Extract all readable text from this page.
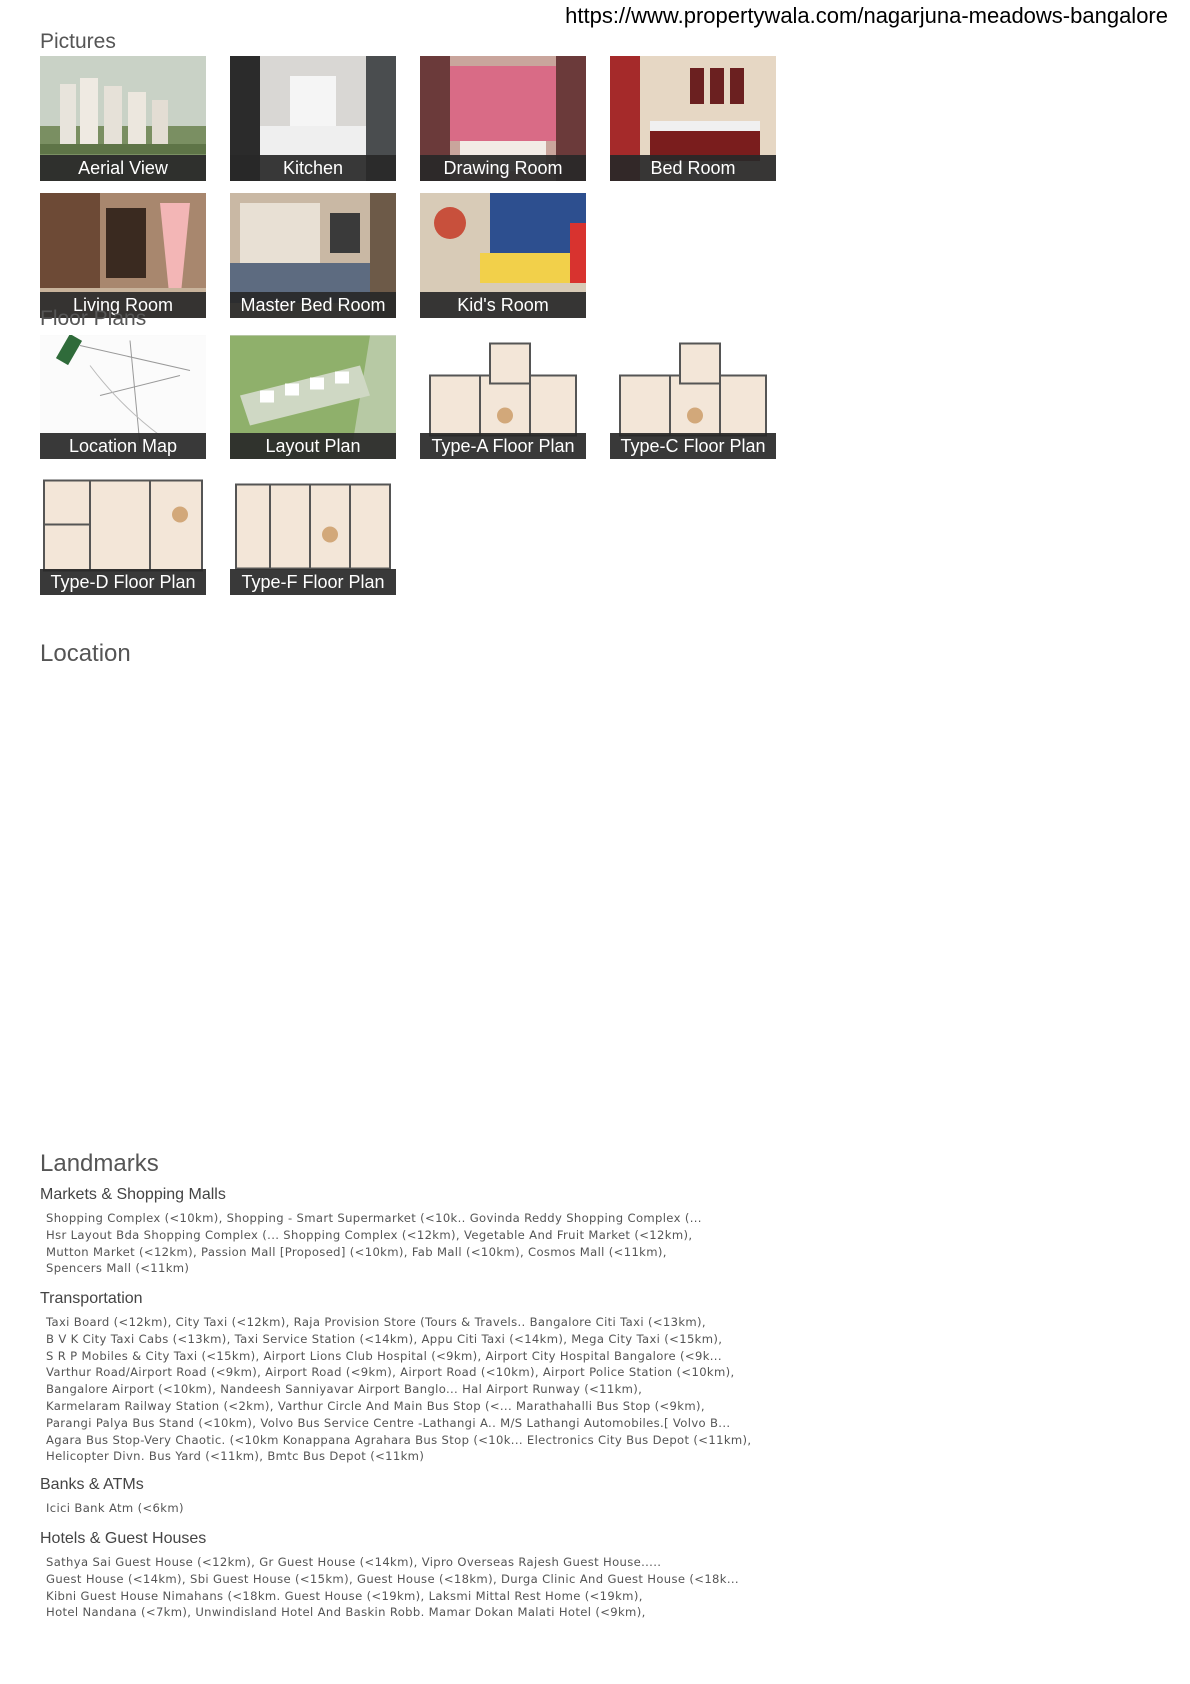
https://www.propertywala.com/nagarjuna-meadows-bangalore
Pictures
Aerial View	Kitchen	Drawing Room	Bed Room
Living Room	Master Bed Room	Kid's Room
Floor Plans
Location Map	Layout Plan	Type-A Floor Plan	Type-C Floor Plan
Type-D Floor Plan	Type-F Floor Plan
Location
Landmarks
Markets & Shopping Malls
Shopping Complex (<10km), Shopping - Smart Supermarket (<10k.. Govinda Reddy Shopping Complex (...
Hsr Layout Bda Shopping Complex (... Shopping Complex (<12km), Vegetable And Fruit Market (<12km),
Mutton Market (<12km), Passion Mall [Proposed] (<10km), Fab Mall (<10km), Cosmos Mall (<11km),
Spencers Mall (<11km)
Transportation
Taxi Board (<12km), City Taxi (<12km), Raja Provision Store (Tours & Travels.. Bangalore Citi Taxi (<13km),
B V K City Taxi Cabs (<13km), Taxi Service Station (<14km), Appu Citi Taxi (<14km), Mega City Taxi (<15km),
S R P Mobiles & City Taxi (<15km), Airport Lions Club Hospital (<9km), Airport City Hospital Bangalore (<9k...
Varthur Road/Airport Road (<9km), Airport Road (<9km), Airport Road (<10km), Airport Police Station (<10km),
Bangalore Airport (<10km), Nandeesh Sanniyavar Airport Banglo... Hal Airport Runway (<11km),
Karmelaram Railway Station (<2km), Varthur Circle And Main Bus Stop (<... Marathahalli Bus Stop (<9km),
Parangi Palya Bus Stand (<10km), Volvo Bus Service Centre -Lathangi A.. M/S Lathangi Automobiles.[ Volvo B...
Agara Bus Stop-Very Chaotic. (<10km Konappana Agrahara Bus Stop (<10k... Electronics City Bus Depot (<11km),
Helicopter Divn. Bus Yard (<11km), Bmtc Bus Depot (<11km)
Banks & ATMs
Icici Bank Atm (<6km)
Hotels & Guest Houses
Sathya Sai Guest House (<12km), Gr Guest House (<14km), Vipro Overseas Rajesh Guest House.....
Guest House (<14km), Sbi Guest House (<15km), Guest House (<18km), Durga Clinic And Guest House (<18k...
Kibni Guest House Nimahans (<18km. Guest House (<19km), Laksmi Mittal Rest Home (<19km),
Hotel Nandana (<7km), Unwindisland Hotel And Baskin Robb. Mamar Dokan Malati Hotel (<9km),
